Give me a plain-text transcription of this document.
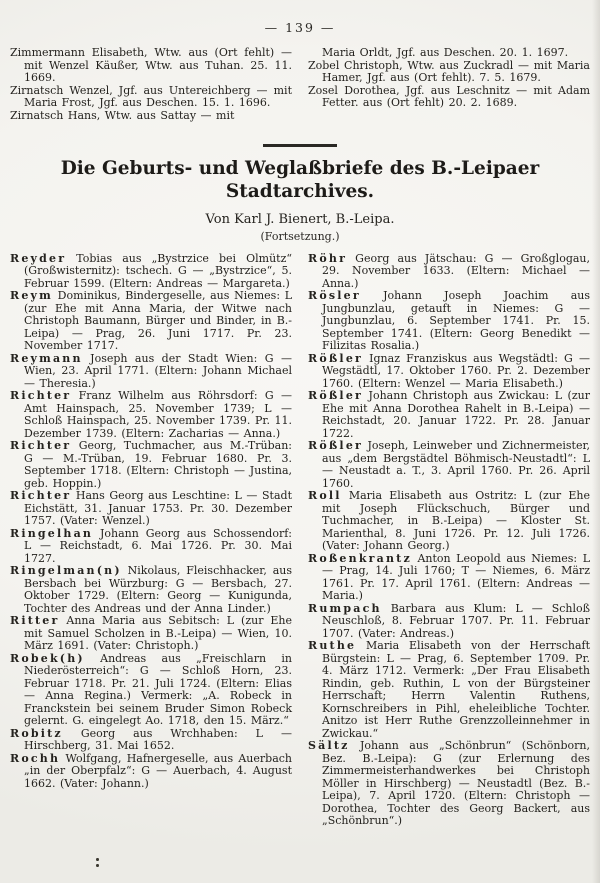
— 139 —

Zimmermann Elisabeth, Wtw. aus (Ort fehlt) — mit Wenzel Käußer, Wtw. aus Tuhan. 25. 11. 1669.

Zirnatsch Wenzel, Jgf. aus Untereichberg — mit Maria Frost, Jgf. aus Deschen. 15. 1. 1696.

Zirnatsch Hans, Wtw. aus Sattay — mit

Maria Orldt, Jgf. aus Deschen. 20. 1. 1697.

Zobel Christoph, Wtw. aus Zuckradl — mit Maria Hamer, Jgf. aus (Ort fehlt). 7. 5. 1679.

Zosel Dorothea, Jgf. aus Leschnitz — mit Adam Fetter. aus (Ort fehlt) 20. 2. 1689.

Die Geburts- und Weglaßbriefe des B.-Leipaer
Stadtarchives.
Von Karl J. Bienert, B.-Leipa.
(Fortsetzung.)

Reyder Tobias aus „Bystrzice bei Olmütz“ (Großwisternitz): tschech. G — „Bystrzice“, 5. Februar 1599. (Eltern: Andreas — Margareta.)

Reym Dominikus, Bindergeselle, aus Niemes: L (zur Ehe mit Anna Maria, der Witwe nach Christoph Baumann, Bürger und Binder, in B.-Leipa) — Prag, 26. Juni 1717. Pr. 23. November 1717.

Reymann Joseph aus der Stadt Wien: G — Wien, 23. April 1771. (Eltern: Johann Michael — Theresia.)

Richter Franz Wilhelm aus Röhrsdorf: G — Amt Hainspach, 25. November 1739; L — Schloß Hainspach, 25. November 1739. Pr. 11. Dezember 1739. (Eltern: Zacharias — Anna.)

Richter Georg, Tuchmacher, aus M.-Trüban: G — M.-Trüban, 19. Februar 1680. Pr. 3. September 1718. (Eltern: Christoph — Justina, geb. Hoppin.)

Richter Hans Georg aus Leschtine: L — Stadt Eichstätt, 31. Januar 1753. Pr. 30. Dezember 1757. (Vater: Wenzel.)

Ringelhan Johann Georg aus Schossendorf: L — Reichstadt, 6. Mai 1726. Pr. 30. Mai 1727.

Ringelman(n) Nikolaus, Fleischhacker, aus Bersbach bei Würzburg: G — Bersbach, 27. Oktober 1729. (Eltern: Georg — Kunigunda, Tochter des Andreas und der Anna Linder.)

Ritter Anna Maria aus Sebitsch: L (zur Ehe mit Samuel Scholzen in B.-Leipa) — Wien, 10. März 1691. (Vater: Christoph.)

Robek(h) Andreas aus „Freischlarn in Niederösterreich“: G — Schloß Horn, 23. Februar 1718. Pr. 21. Juli 1724. (Eltern: Elias — Anna Regina.) Vermerk: „A. Robeck in Franckstein bei seinem Bruder Simon Robeck gelernt. G. eingelegt Ao. 1718, den 15. März.“

Robitz Georg aus Wrchhaben: L — Hirschberg, 31. Mai 1652.

Rochh Wolfgang, Hafnergeselle, aus Auerbach „in der Oberpfalz“: G — Auerbach, 4. August 1662. (Vater: Johann.)

Röhr Georg aus Jätschau: G — Großglogau, 29. November 1633. (Eltern: Michael — Anna.)

Rösler Johann Joseph Joachim aus Jungbunzlau, getauft in Niemes: G — Jungbunzlau, 6. September 1741. Pr. 15. September 1741. (Eltern: Georg Benedikt — Filizitas Rosalia.)

Rößler Ignaz Franziskus aus Wegstädtl: G — Wegstädtl, 17. Oktober 1760. Pr. 2. Dezember 1760. (Eltern: Wenzel — Maria Elisabeth.)

Rößler Johann Christoph aus Zwickau: L (zur Ehe mit Anna Dorothea Rahelt in B.-Leipa) — Reichstadt, 20. Januar 1722. Pr. 28. Januar 1722.

Rößler Joseph, Leinweber und Zichnermeister, aus „dem Bergstädtel Böhmisch-Neustadtl“: L — Neustadt a. T., 3. April 1760. Pr. 26. April 1760.

Roll Maria Elisabeth aus Ostritz: L (zur Ehe mit Joseph Flückschuch, Bürger und Tuchmacher, in B.-Leipa) — Kloster St. Marienthal, 8. Juni 1726. Pr. 12. Juli 1726. (Vater: Johann Georg.)

Roßenkrantz Anton Leopold aus Niemes: L — Prag, 14. Juli 1760; T — Niemes, 6. März 1761. Pr. 17. April 1761. (Eltern: Andreas — Maria.)

Rumpach Barbara aus Klum: L — Schloß Neuschloß, 8. Februar 1707. Pr. 11. Februar 1707. (Vater: Andreas.)

Ruthe Maria Elisabeth von der Herrschaft Bürgstein: L — Prag, 6. September 1709. Pr. 4. März 1712. Vermerk: „Der Frau Elisabeth Rindin, geb. Ruthin, L von der Bürgsteiner Herrschaft; Herrn Valentin Ruthens, Kornschreibers in Pihl, eheleibliche Tochter. Anitzo ist Herr Ruthe Grenzzolleinnehmer in Zwickau.“

Sältz Johann aus „Schönbrun“ (Schönborn, Bez. B.-Leipa): G (zur Erlernung des Zimmermeisterhandwerkes bei Christoph Möller in Hirschberg) — Neustadtl (Bez. B.-Leipa), 7. April 1720. (Eltern: Christoph — Dorothea, Tochter des Georg Backert, aus „Schönbrun“.)
